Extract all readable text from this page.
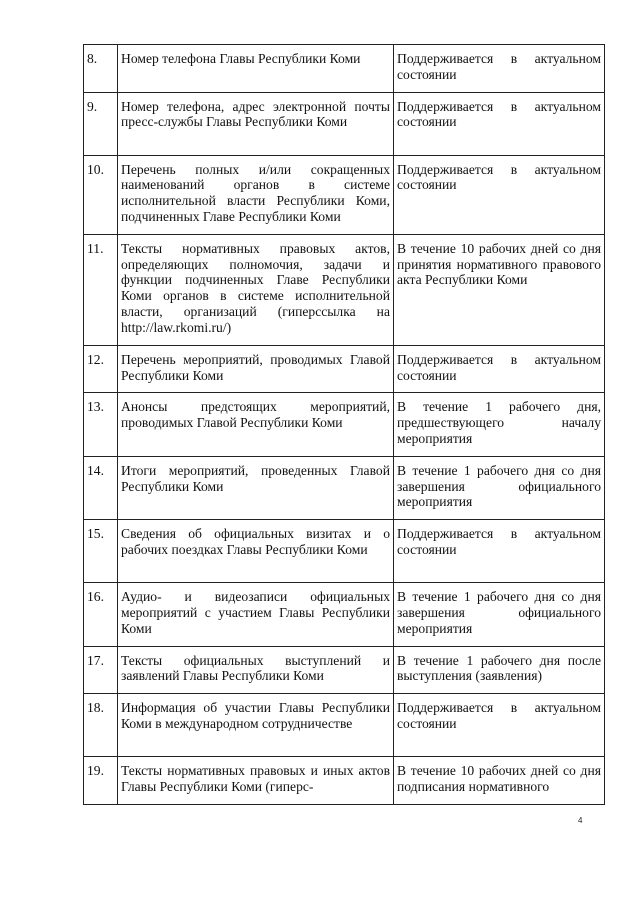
8.	Номер телефона Главы Республики Коми	Поддерживается в актуальном состоянии
9.	Номер телефона, адрес электронной почты пресс-службы Главы Республики Коми	Поддерживается в актуальном состоянии
10.	Перечень полных и/или сокращенных наименований органов в системе исполнительной власти Республики Коми, подчиненных Главе Республики Коми	Поддерживается в актуальном состоянии
11.	Тексты нормативных правовых актов, определяющих полномочия, задачи и функции подчиненных Главе Республики Коми органов в системе исполнительной власти, организаций (гиперссылка на http://law.rkomi.ru/)	В течение 10 рабочих дней со дня принятия нормативного правового акта Республики Коми
12.	Перечень мероприятий, проводимых Главой Республики Коми	Поддерживается в актуальном состоянии
13.	Анонсы предстоящих мероприятий, проводимых Главой Республики Коми	В течение 1 рабочего дня, предшествующего началу мероприятия
14.	Итоги мероприятий, проведенных Главой Республики Коми	В течение 1 рабочего дня со дня завершения официального мероприятия
15.	Сведения об официальных визитах и о рабочих поездках Главы Республики Коми	Поддерживается в актуальном состоянии
16.	Аудио- и видеозаписи официальных мероприятий с участием Главы Республики Коми	В течение 1 рабочего дня со дня завершения официального мероприятия
17.	Тексты официальных выступлений и заявлений Главы Республики Коми	В течение 1 рабочего дня после выступления (заявления)
18.	Информация об участии Главы Республики Коми в международном сотрудничестве	Поддерживается в актуальном состоянии
19.	Тексты нормативных правовых и иных актов Главы Республики Коми (гиперс-	В течение 10 рабочих дней со дня подписания нормативного
4
